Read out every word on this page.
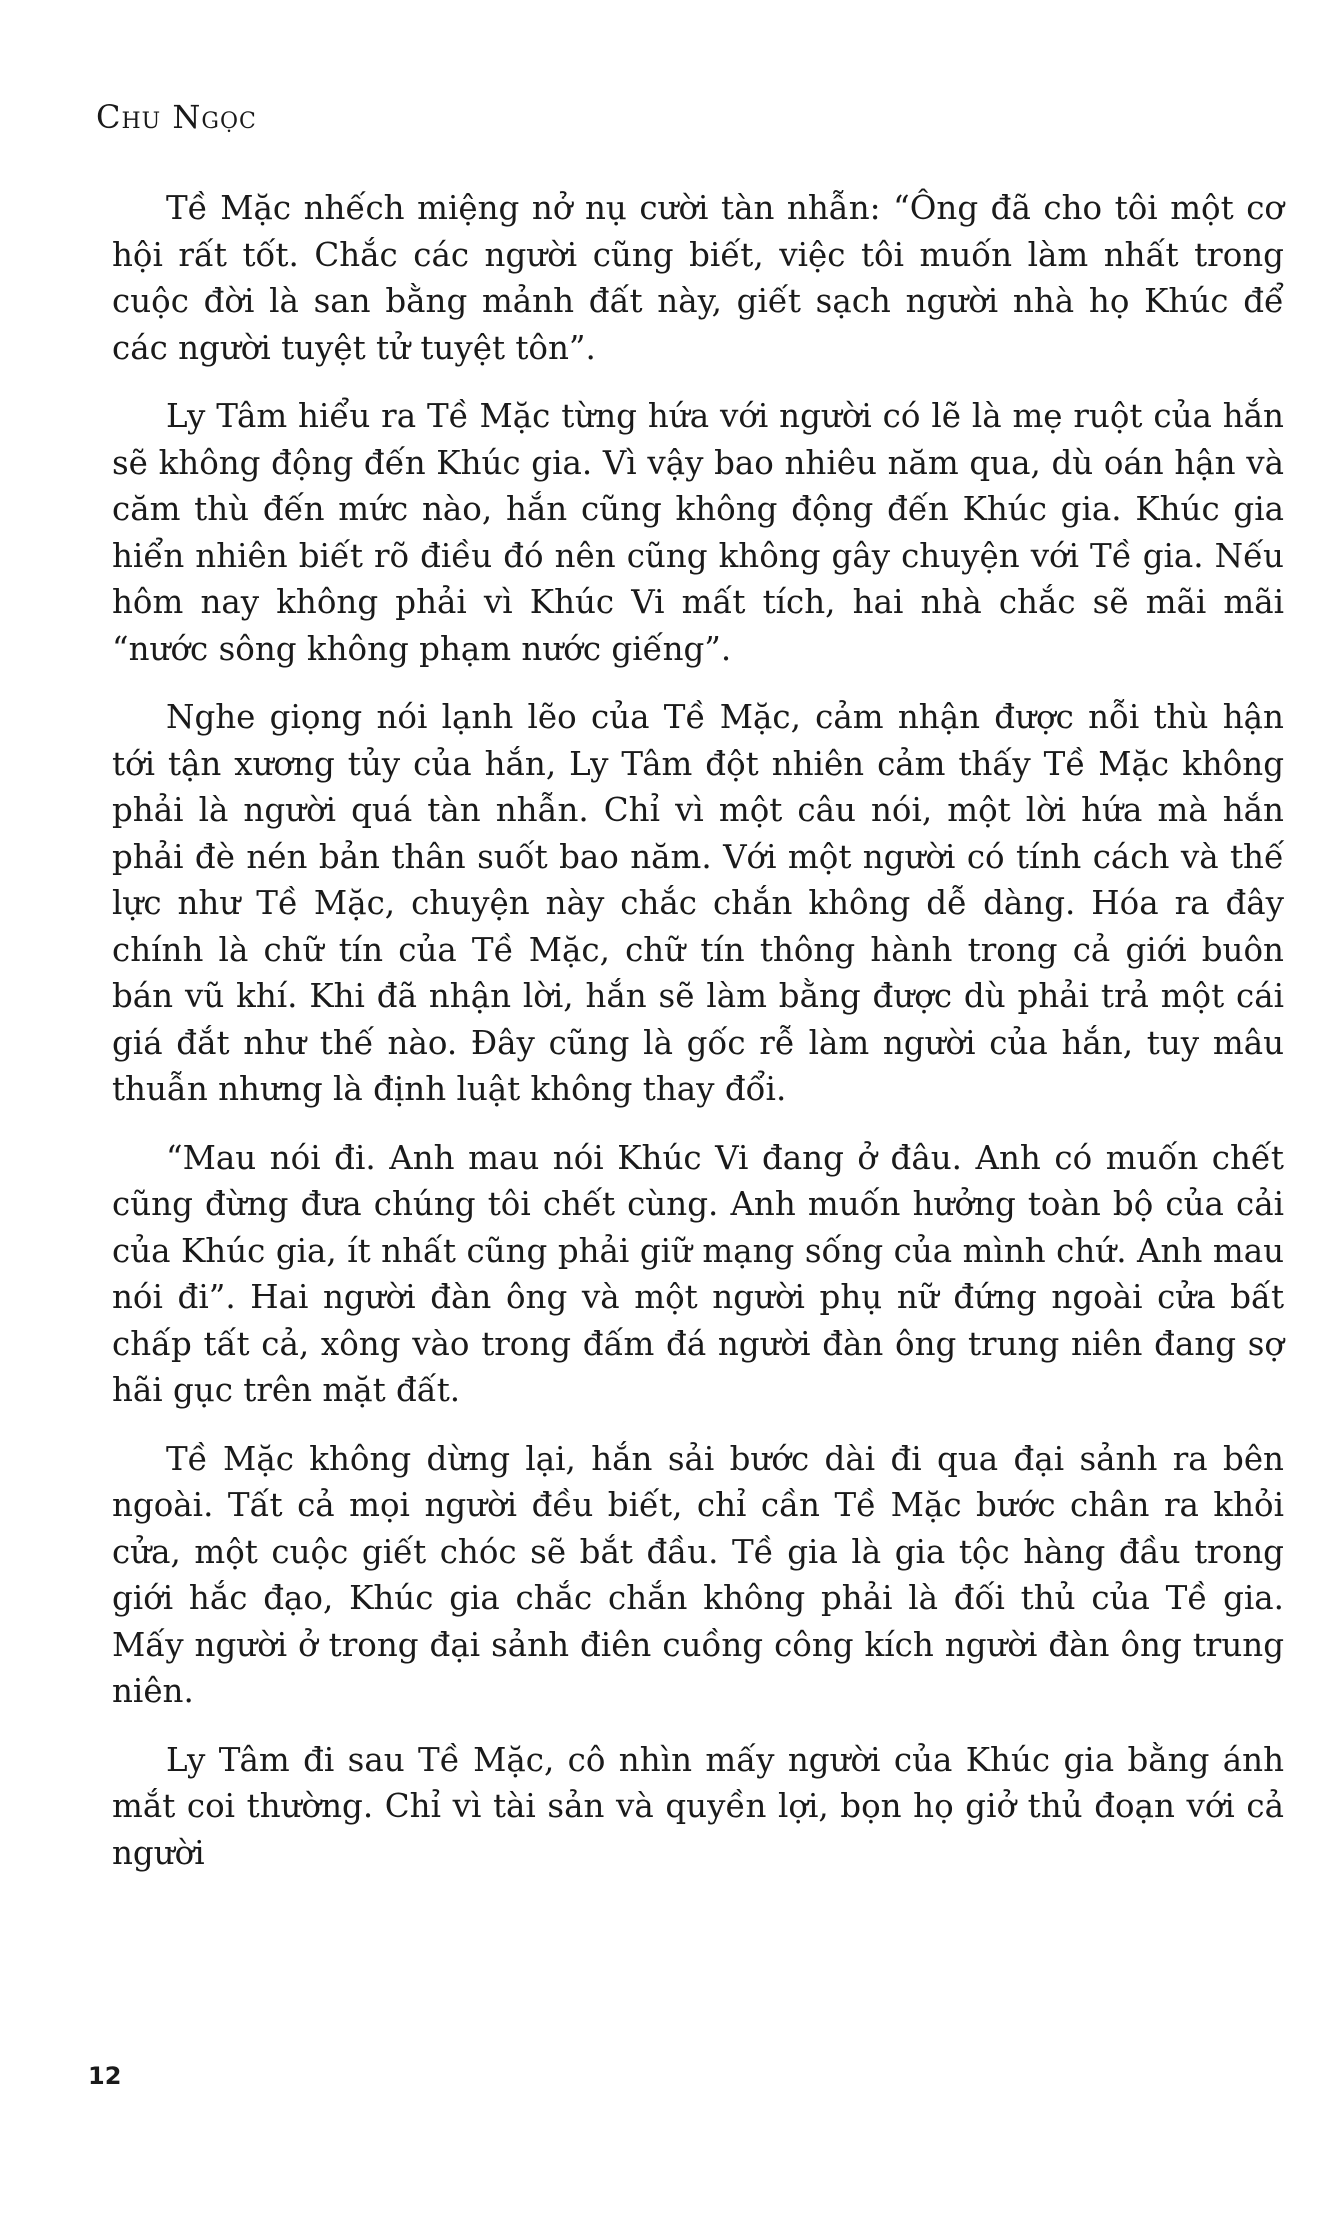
Chu Ngọc

Tề Mặc nhếch miệng nở nụ cười tàn nhẫn: “Ông đã cho tôi một cơ hội rất tốt. Chắc các người cũng biết, việc tôi muốn làm nhất trong cuộc đời là san bằng mảnh đất này, giết sạch người nhà họ Khúc để các người tuyệt tử tuyệt tôn”.

Ly Tâm hiểu ra Tề Mặc từng hứa với người có lẽ là mẹ ruột của hắn sẽ không động đến Khúc gia. Vì vậy bao nhiêu năm qua, dù oán hận và căm thù đến mức nào, hắn cũng không động đến Khúc gia. Khúc gia hiển nhiên biết rõ điều đó nên cũng không gây chuyện với Tề gia. Nếu hôm nay không phải vì Khúc Vi mất tích, hai nhà chắc sẽ mãi mãi “nước sông không phạm nước giếng”.

Nghe giọng nói lạnh lẽo của Tề Mặc, cảm nhận được nỗi thù hận tới tận xương tủy của hắn, Ly Tâm đột nhiên cảm thấy Tề Mặc không phải là người quá tàn nhẫn. Chỉ vì một câu nói, một lời hứa mà hắn phải đè nén bản thân suốt bao năm. Với một người có tính cách và thế lực như Tề Mặc, chuyện này chắc chắn không dễ dàng. Hóa ra đây chính là chữ tín của Tề Mặc, chữ tín thông hành trong cả giới buôn bán vũ khí. Khi đã nhận lời, hắn sẽ làm bằng được dù phải trả một cái giá đắt như thế nào. Đây cũng là gốc rễ làm người của hắn, tuy mâu thuẫn nhưng là định luật không thay đổi.

“Mau nói đi. Anh mau nói Khúc Vi đang ở đâu. Anh có muốn chết cũng đừng đưa chúng tôi chết cùng. Anh muốn hưởng toàn bộ của cải của Khúc gia, ít nhất cũng phải giữ mạng sống của mình chứ. Anh mau nói đi”. Hai người đàn ông và một người phụ nữ đứng ngoài cửa bất chấp tất cả, xông vào trong đấm đá người đàn ông trung niên đang sợ hãi gục trên mặt đất.

Tề Mặc không dừng lại, hắn sải bước dài đi qua đại sảnh ra bên ngoài. Tất cả mọi người đều biết, chỉ cần Tề Mặc bước chân ra khỏi cửa, một cuộc giết chóc sẽ bắt đầu. Tề gia là gia tộc hàng đầu trong giới hắc đạo, Khúc gia chắc chắn không phải là đối thủ của Tề gia. Mấy người ở trong đại sảnh điên cuồng công kích người đàn ông trung niên.

Ly Tâm đi sau Tề Mặc, cô nhìn mấy người của Khúc gia bằng ánh mắt coi thường. Chỉ vì tài sản và quyền lợi, bọn họ giở thủ đoạn với cả người

12
